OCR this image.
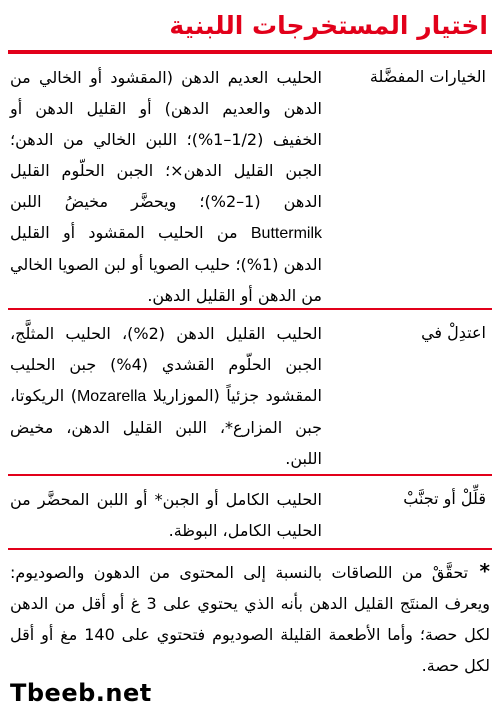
اختيار المستخرجات اللبنية

الخيارات المفضَّلة

الحليب العديم الدهن (المقشود أو الخالي من الدهن والعديم الدهن) أو القليل الدهن أو الخفيف (1/2–1%)؛ اللبن الخالي من الدهن؛ الجبن القليل الدهن×؛ الجبن الحلّوم القليل الدهن (1–2%)؛ ويحضَّر مخيضُ اللبن Buttermilk من الحليب المقشود أو القليل الدهن (1%)؛ حليب الصويا أو لبن الصويا الخالي من الدهن أو القليل الدهن.

اعتدِلْ في

الحليب القليل الدهن (2%)، الحليب المثلَّج، الجبن الحلّوم القشدي (4%) جبن الحليب المقشود جزئياً (الموزاريلا Mozarella) الريكوتا، جبن المزارع*، اللبن القليل الدهن، مخيض اللبن.

قلِّلْ أو تجنَّبْ

الحليب الكامل أو الجبن* أو اللبن المحضَّر من الحليب الكامل، البوظة.

* تحقَّقْ من اللصاقات بالنسبة إلى المحتوى من الدهون والصوديوم: ويعرف المنتَج القليل الدهن بأنه الذي يحتوي على 3 غ أو أقل من الدهن لكل حصة؛ وأما الأطعمة القليلة الصوديوم فتحتوي على 140 مغ أو أقل لكل حصة.

Tbeeb.net
